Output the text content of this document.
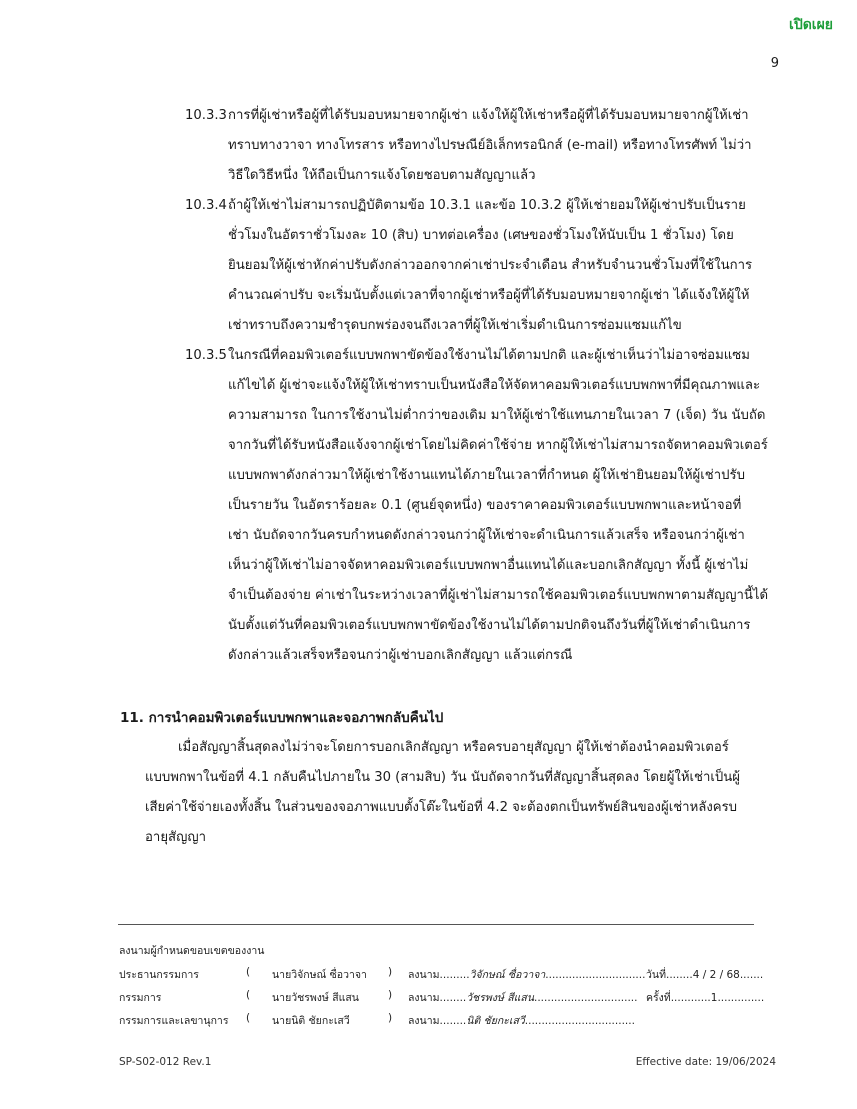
เปิดเผย
9
10.3.3 การที่ผู้เช่าหรือผู้ที่ได้รับมอบหมายจากผู้เช่า แจ้งให้ผู้ให้เช่าหรือผู้ที่ได้รับมอบหมายจากผู้ให้เช่า
ทราบทางวาจา ทางโทรสาร หรือทางไปรษณีย์อิเล็กทรอนิกส์ (e-mail) หรือทางโทรศัพท์ ไม่ว่า
วิธีใดวิธีหนึ่ง ให้ถือเป็นการแจ้งโดยชอบตามสัญญาแล้ว
10.3.4 ถ้าผู้ให้เช่าไม่สามารถปฏิบัติตามข้อ 10.3.1 และข้อ 10.3.2 ผู้ให้เช่ายอมให้ผู้เช่าปรับเป็นราย
ชั่วโมงในอัตราชั่วโมงละ 10 (สิบ) บาทต่อเครื่อง (เศษของชั่วโมงให้นับเป็น 1 ชั่วโมง) โดย
ยินยอมให้ผู้เช่าหักค่าปรับดังกล่าวออกจากค่าเช่าประจำเดือน สำหรับจำนวนชั่วโมงที่ใช้ในการ
คำนวณค่าปรับ จะเริ่มนับตั้งแต่เวลาที่จากผู้เช่าหรือผู้ที่ได้รับมอบหมายจากผู้เช่า ได้แจ้งให้ผู้ให้
เช่าทราบถึงความชำรุดบกพร่องจนถึงเวลาที่ผู้ให้เช่าเริ่มดำเนินการซ่อมแซมแก้ไข
10.3.5 ในกรณีที่คอมพิวเตอร์แบบพกพาขัดข้องใช้งานไม่ได้ตามปกติ และผู้เช่าเห็นว่าไม่อาจซ่อมแซม
แก้ไขได้ ผู้เช่าจะแจ้งให้ผู้ให้เช่าทราบเป็นหนังสือให้จัดหาคอมพิวเตอร์แบบพกพาที่มีคุณภาพและ
ความสามารถ ในการใช้งานไม่ต่ำกว่าของเดิม มาให้ผู้เช่าใช้แทนภายในเวลา 7 (เจ็ด) วัน นับถัด
จากวันที่ได้รับหนังสือแจ้งจากผู้เช่าโดยไม่คิดค่าใช้จ่าย หากผู้ให้เช่าไม่สามารถจัดหาคอมพิวเตอร์
แบบพกพาดังกล่าวมาให้ผู้เช่าใช้งานแทนได้ภายในเวลาที่กำหนด ผู้ให้เช่ายินยอมให้ผู้เช่าปรับ
เป็นรายวัน ในอัตราร้อยละ 0.1 (ศูนย์จุดหนึ่ง) ของราคาคอมพิวเตอร์แบบพกพาและหน้าจอที่
เช่า นับถัดจากวันครบกำหนดดังกล่าวจนกว่าผู้ให้เช่าจะดำเนินการแล้วเสร็จ หรือจนกว่าผู้เช่า
เห็นว่าผู้ให้เช่าไม่อาจจัดหาคอมพิวเตอร์แบบพกพาอื่นแทนได้และบอกเลิกสัญญา ทั้งนี้ ผู้เช่าไม่
จำเป็นต้องจ่าย ค่าเช่าในระหว่างเวลาที่ผู้เช่าไม่สามารถใช้คอมพิวเตอร์แบบพกพาตามสัญญานี้ได้
นับตั้งแต่วันที่คอมพิวเตอร์แบบพกพาขัดข้องใช้งานไม่ได้ตามปกติจนถึงวันที่ผู้ให้เช่าดำเนินการ
ดังกล่าวแล้วเสร็จหรือจนกว่าผู้เช่าบอกเลิกสัญญา แล้วแต่กรณี
11. การนำคอมพิวเตอร์แบบพกพาและจอภาพกลับคืนไป
เมื่อสัญญาสิ้นสุดลงไม่ว่าจะโดยการบอกเลิกสัญญา หรือครบอายุสัญญา ผู้ให้เช่าต้องนำคอมพิวเตอร์
แบบพกพาในข้อที่ 4.1 กลับคืนไปภายใน 30 (สามสิบ) วัน นับถัดจากวันที่สัญญาสิ้นสุดลง โดยผู้ให้เช่าเป็นผู้
เสียค่าใช้จ่ายเองทั้งสิ้น ในส่วนของจอภาพแบบตั้งโต๊ะในข้อที่ 4.2 จะต้องตกเป็นทรัพย์สินของผู้เช่าหลังครบ
อายุสัญญา
ลงนามผู้กำหนดขอบเขตของงาน
ประธานกรรมการ	( นายวิจักษณ์ ซื่อวาจา ) ลงนาม.........วิจักษณ์ ซื่อวาจา.............................. วันที่........4 / 2 / 68.......
กรรมการ	( นายวัชรพงษ์ สีแสน	) ลงนาม........วัชรพงษ์ สีแสน............................... ครั้งที่............1..............
กรรมการและเลขานุการ ( นายนิติ ชัยกะเสวี	) ลงนาม........นิติ ชัยกะเสวี.................................
SP-S02-012 Rev.1	Effective date: 19/06/2024
